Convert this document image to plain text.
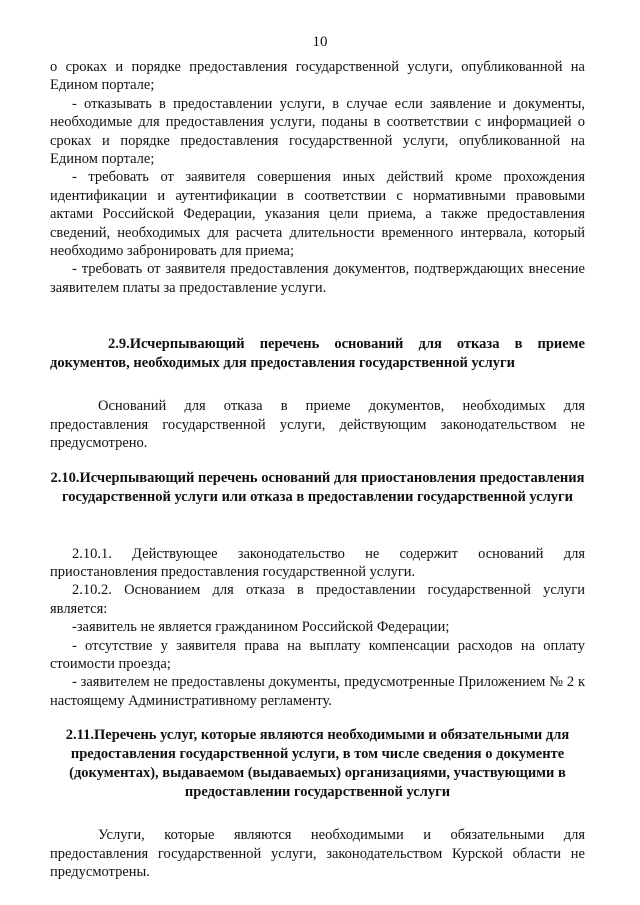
10

о сроках и порядке предоставления государственной услуги, опубликованной на Едином портале;

- отказывать в предоставлении услуги, в случае если заявление и документы, необходимые для предоставления услуги, поданы в соответствии с информацией о сроках и порядке предоставления государственной услуги, опубликованной на Едином портале;

- требовать от заявителя совершения иных действий кроме прохождения идентификации и аутентификации в соответствии с нормативными правовыми актами Российской Федерации, указания цели приема, а также предоставления сведений, необходимых для расчета длительности временного интервала, который необходимо забронировать для приема;

- требовать от заявителя предоставления документов, подтверждающих внесение заявителем платы за предоставление услуги.

2.9.Исчерпывающий перечень оснований для отказа в приеме документов, необходимых для предоставления государственной услуги

Оснований для отказа в приеме документов, необходимых для предоставления государственной услуги, действующим законодательством не предусмотрено.

2.10.Исчерпывающий перечень оснований для приостановления предоставления государственной услуги или отказа в предоставлении государственной услуги

2.10.1. Действующее законодательство не содержит оснований для приостановления предоставления государственной услуги.

2.10.2. Основанием для отказа в предоставлении государственной услуги является:

-заявитель не является гражданином Российской Федерации;

- отсутствие у заявителя права на выплату компенсации расходов на оплату стоимости проезда;

- заявителем не предоставлены документы, предусмотренные Приложением № 2 к настоящему Административному регламенту.

2.11.Перечень услуг, которые являются необходимыми и обязательными для предоставления государственной услуги, в том числе сведения о документе (документах), выдаваемом (выдаваемых) организациями, участвующими в предоставлении государственной услуги

Услуги, которые являются необходимыми и обязательными для предоставления государственной услуги, законодательством Курской области не предусмотрены.
